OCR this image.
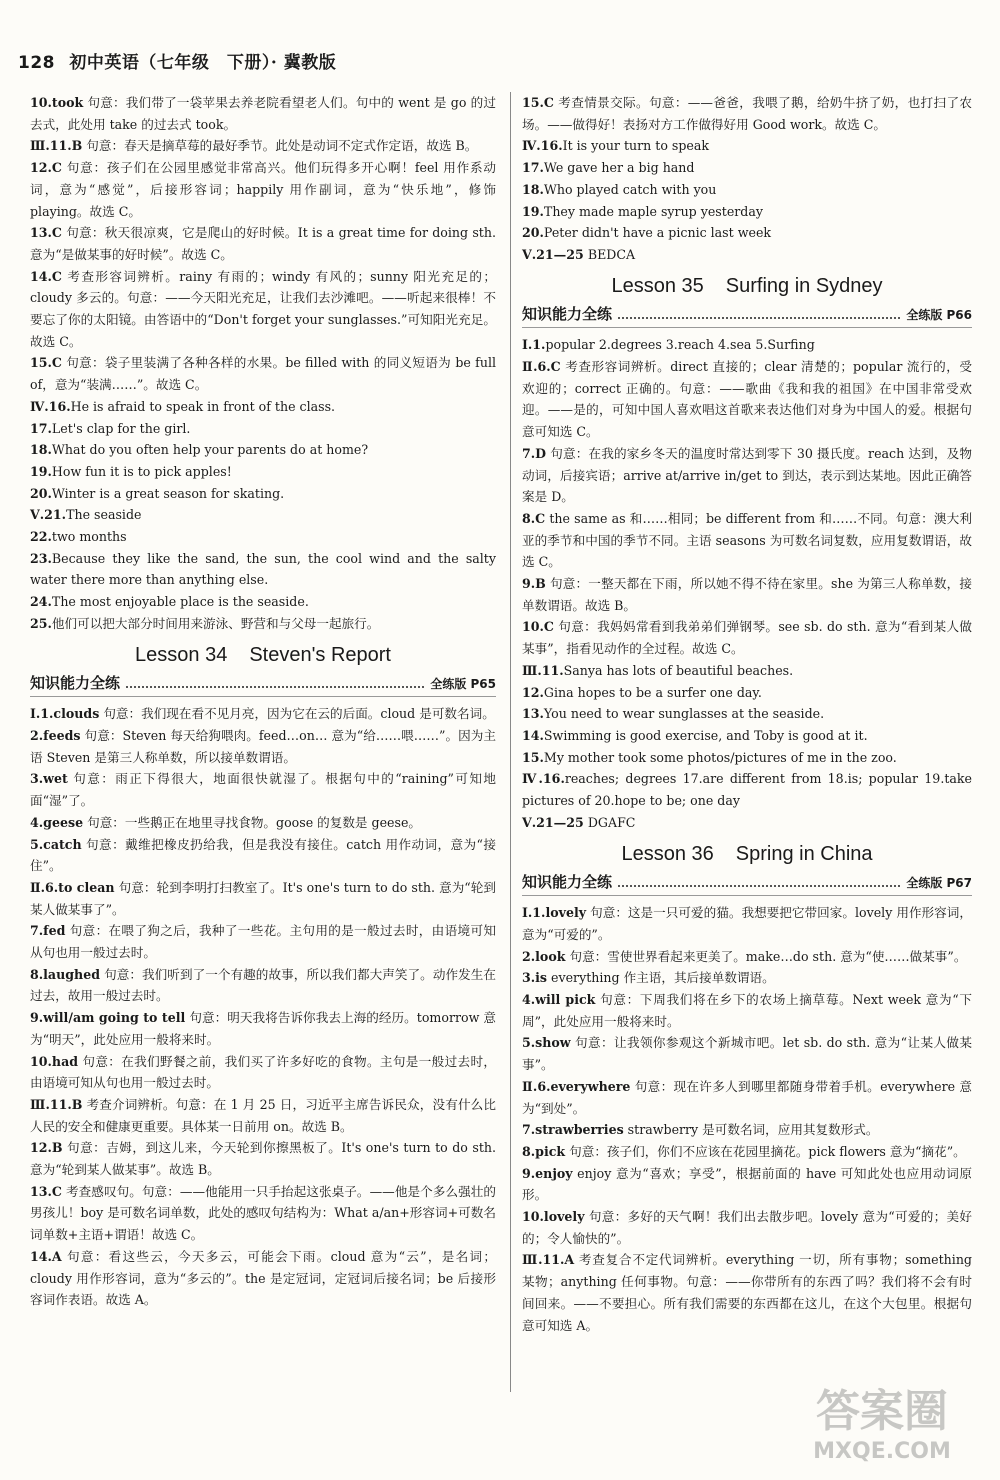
128 初中英语（七年级　下册）· 冀教版

10.took 句意：我们带了一袋苹果去养老院看望老人们。句中的 went 是 go 的过去式，此处用 take 的过去式 took。

Ⅲ.11.B 句意：春天是摘草莓的最好季节。此处是动词不定式作定语，故选 B。

12.C 句意：孩子们在公园里感觉非常高兴。他们玩得多开心啊！feel 用作系动词，意为“感觉”，后接形容词；happily 用作副词，意为“快乐地”，修饰 playing。故选 C。

13.C 句意：秋天很凉爽，它是爬山的好时候。It is a great time for doing sth. 意为“是做某事的好时候”。故选 C。

14.C 考查形容词辨析。rainy 有雨的；windy 有风的；sunny 阳光充足的；cloudy 多云的。句意：——今天阳光充足，让我们去沙滩吧。——听起来很棒！不要忘了你的太阳镜。由答语中的“Don't forget your sunglasses.”可知阳光充足。故选 C。

15.C 句意：袋子里装满了各种各样的水果。be filled with 的同义短语为 be full of，意为“装满……”。故选 C。

Ⅳ.16.He is afraid to speak in front of the class.

17.Let's clap for the girl.

18.What do you often help your parents do at home?

19.How fun it is to pick apples!

20.Winter is a great season for skating.

Ⅴ.21.The seaside

22.two months

23.Because they like the sand, the sun, the cool wind and the salty water there more than anything else.

24.The most enjoyable place is the seaside.

25.他们可以把大部分时间用来游泳、野营和与父母一起旅行。

Lesson 34 Steven's Report
知识能力全练	全练版 P65

Ⅰ.1.clouds 句意：我们现在看不见月亮，因为它在云的后面。cloud 是可数名词。

2.feeds 句意：Steven 每天给狗喂肉。feed…on… 意为“给……喂……”。因为主语 Steven 是第三人称单数，所以接单数谓语。

3.wet 句意：雨正下得很大，地面很快就湿了。根据句中的“raining”可知地面“湿”了。

4.geese 句意：一些鹅正在地里寻找食物。goose 的复数是 geese。

5.catch 句意：戴维把橡皮扔给我，但是我没有接住。catch 用作动词，意为“接住”。

Ⅱ.6.to clean 句意：轮到李明打扫教室了。It's one's turn to do sth. 意为“轮到某人做某事了”。

7.fed 句意：在喂了狗之后，我种了一些花。主句用的是一般过去时，由语境可知从句也用一般过去时。

8.laughed 句意：我们听到了一个有趣的故事，所以我们都大声笑了。动作发生在过去，故用一般过去时。

9.will/am going to tell 句意：明天我将告诉你我去上海的经历。tomorrow 意为“明天”，此处应用一般将来时。

10.had 句意：在我们野餐之前，我们买了许多好吃的食物。主句是一般过去时，由语境可知从句也用一般过去时。

Ⅲ.11.B 考查介词辨析。句意：在 1 月 25 日，习近平主席告诉民众，没有什么比人民的安全和健康更重要。具体某一日前用 on。故选 B。

12.B 句意：吉姆，到这儿来，今天轮到你擦黑板了。It's one's turn to do sth. 意为“轮到某人做某事”。故选 B。

13.C 考查感叹句。句意：——他能用一只手抬起这张桌子。——他是个多么强壮的男孩儿！boy 是可数名词单数，此处的感叹句结构为：What a/an+形容词+可数名词单数+主语+谓语！故选 C。

14.A 句意：看这些云，今天多云，可能会下雨。cloud 意为“云”，是名词；cloudy 用作形容词，意为“多云的”。the 是定冠词，定冠词后接名词；be 后接形容词作表语。故选 A。

15.C 考查情景交际。句意：——爸爸，我喂了鹅，给奶牛挤了奶，也打扫了农场。——做得好！表扬对方工作做得好用 Good work。故选 C。

Ⅳ.16.It is your turn to speak

17.We gave her a big hand

18.Who played catch with you

19.They made maple syrup yesterday

20.Peter didn't have a picnic last week

Ⅴ.21—25 BEDCA

Lesson 35 Surfing in Sydney
知识能力全练	全练版 P66

Ⅰ.1.popular 2.degrees 3.reach 4.sea 5.Surfing

Ⅱ.6.C 考查形容词辨析。direct 直接的；clear 清楚的；popular 流行的，受欢迎的；correct 正确的。句意：——歌曲《我和我的祖国》在中国非常受欢迎。——是的，可知中国人喜欢唱这首歌来表达他们对身为中国人的爱。根据句意可知选 C。

7.D 句意：在我的家乡冬天的温度时常达到零下 30 摄氏度。reach 达到，及物动词，后接宾语；arrive at/arrive in/get to 到达，表示到达某地。因此正确答案是 D。

8.C the same as 和……相同；be different from 和……不同。句意：澳大利亚的季节和中国的季节不同。主语 seasons 为可数名词复数，应用复数谓语，故选 C。

9.B 句意：一整天都在下雨，所以她不得不待在家里。she 为第三人称单数，接单数谓语。故选 B。

10.C 句意：我妈妈常看到我弟弟们弹钢琴。see sb. do sth. 意为“看到某人做某事”，指看见动作的全过程。故选 C。

Ⅲ.11.Sanya has lots of beautiful beaches.

12.Gina hopes to be a surfer one day.

13.You need to wear sunglasses at the seaside.

14.Swimming is good exercise, and Toby is good at it.

15.My mother took some photos/pictures of me in the zoo.

Ⅳ.16.reaches; degrees 17.are different from 18.is; popular 19.take pictures of 20.hope to be; one day

Ⅴ.21—25 DGAFC

Lesson 36 Spring in China
知识能力全练	全练版 P67

Ⅰ.1.lovely 句意：这是一只可爱的猫。我想要把它带回家。lovely 用作形容词，意为“可爱的”。

2.look 句意：雪使世界看起来更美了。make…do sth. 意为“使……做某事”。

3.is everything 作主语，其后接单数谓语。

4.will pick 句意：下周我们将在乡下的农场上摘草莓。Next week 意为“下周”，此处应用一般将来时。

5.show 句意：让我领你参观这个新城市吧。let sb. do sth. 意为“让某人做某事”。

Ⅱ.6.everywhere 句意：现在许多人到哪里都随身带着手机。everywhere 意为“到处”。

7.strawberries strawberry 是可数名词，应用其复数形式。

8.pick 句意：孩子们，你们不应该在花园里摘花。pick flowers 意为“摘花”。

9.enjoy enjoy 意为“喜欢；享受”，根据前面的 have 可知此处也应用动词原形。

10.lovely 句意：多好的天气啊！我们出去散步吧。lovely 意为“可爱的；美好的；令人愉快的”。

Ⅲ.11.A 考查复合不定代词辨析。everything 一切，所有事物；something 某物；anything 任何事物。句意：——你带所有的东西了吗？我们将不会有时间回来。——不要担心。所有我们需要的东西都在这儿，在这个大包里。根据句意可知选 A。

答案圈
MXQE.COM
